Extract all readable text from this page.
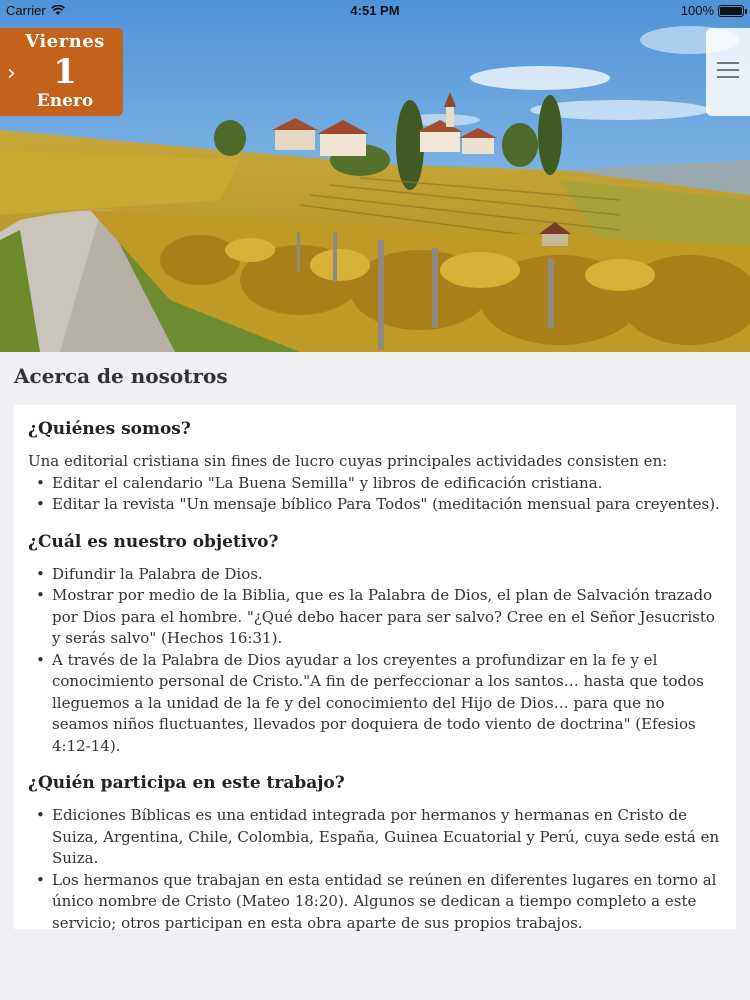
Carrier	4:51 PM	100%
›
Viernes
1
Enero
Acerca de nosotros
¿Quiénes somos?

Una editorial cristiana sin fines de lucro cuyas principales actividades consisten en:

• Editar el calendario "La Buena Semilla" y libros de edificación cristiana.
• Editar la revista "Un mensaje bíblico Para Todos" (meditación mensual para creyentes).
¿Cuál es nuestro objetivo?
• Difundir la Palabra de Dios.
• Mostrar por medio de la Biblia, que es la Palabra de Dios, el plan de Salvación trazado por Dios para el hombre. "¿Qué debo hacer para ser salvo? Cree en el Señor Jesucristo y serás salvo" (Hechos 16:31).
• A través de la Palabra de Dios ayudar a los creyentes a profundizar en la fe y el conocimiento personal de Cristo."A fin de perfeccionar a los santos… hasta que todos lleguemos a la unidad de la fe y del conocimiento del Hijo de Dios… para que no seamos niños fluctuantes, llevados por doquiera de todo viento de doctrina" (Efesios 4:12-14).
¿Quién participa en este trabajo?
• Ediciones Bíblicas es una entidad integrada por hermanos y hermanas en Cristo de Suiza, Argentina, Chile, Colombia, España, Guinea Ecuatorial y Perú, cuya sede está en Suiza.
• Los hermanos que trabajan en esta entidad se reúnen en diferentes lugares en torno al único nombre de Cristo (Mateo 18:20). Algunos se dedican a tiempo completo a este servicio; otros participan en esta obra aparte de sus propios trabajos.
